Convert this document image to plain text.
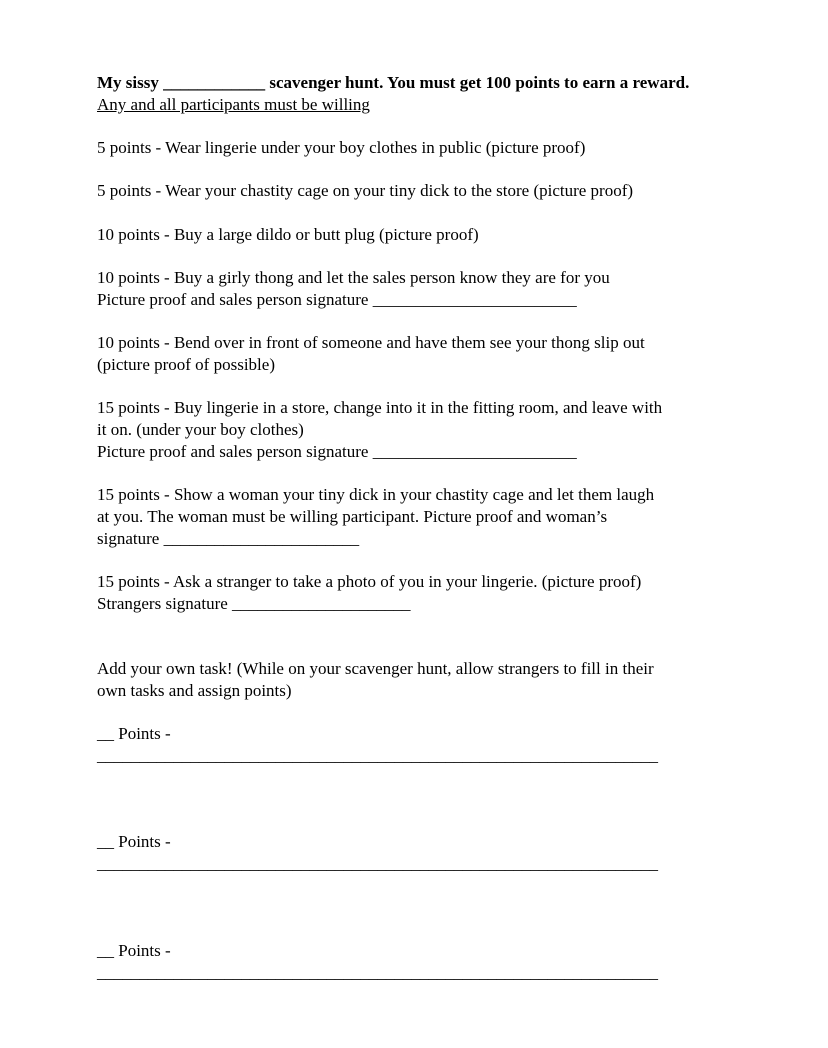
My sissy ____________ scavenger hunt. You must get 100 points to earn a reward.
Any and all participants must be willing
5 points - Wear lingerie under your boy clothes in public (picture proof)
5 points - Wear your chastity cage on your tiny dick to the store (picture proof)
10 points - Buy a large dildo or butt plug (picture proof)
10 points - Buy a girly thong and let the sales person know they are for you
Picture proof and sales person signature ________________________
10 points - Bend over in front of someone and have them see your thong slip out
(picture proof of possible)
15 points - Buy lingerie in a store, change into it in the fitting room, and leave with
it on. (under your boy clothes)
Picture proof and sales person signature ________________________
15 points - Show a woman your tiny dick in your chastity cage and let them laugh
at you. The woman must be willing participant. Picture proof and woman’s
signature _______________________
15 points - Ask a stranger to take a photo of you in your lingerie. (picture proof)
Strangers signature _____________________
Add your own task! (While on your scavenger hunt, allow strangers to fill in their
own tasks and assign points)
__ Points - __________________________________________________________________
__ Points - __________________________________________________________________
__ Points - __________________________________________________________________
